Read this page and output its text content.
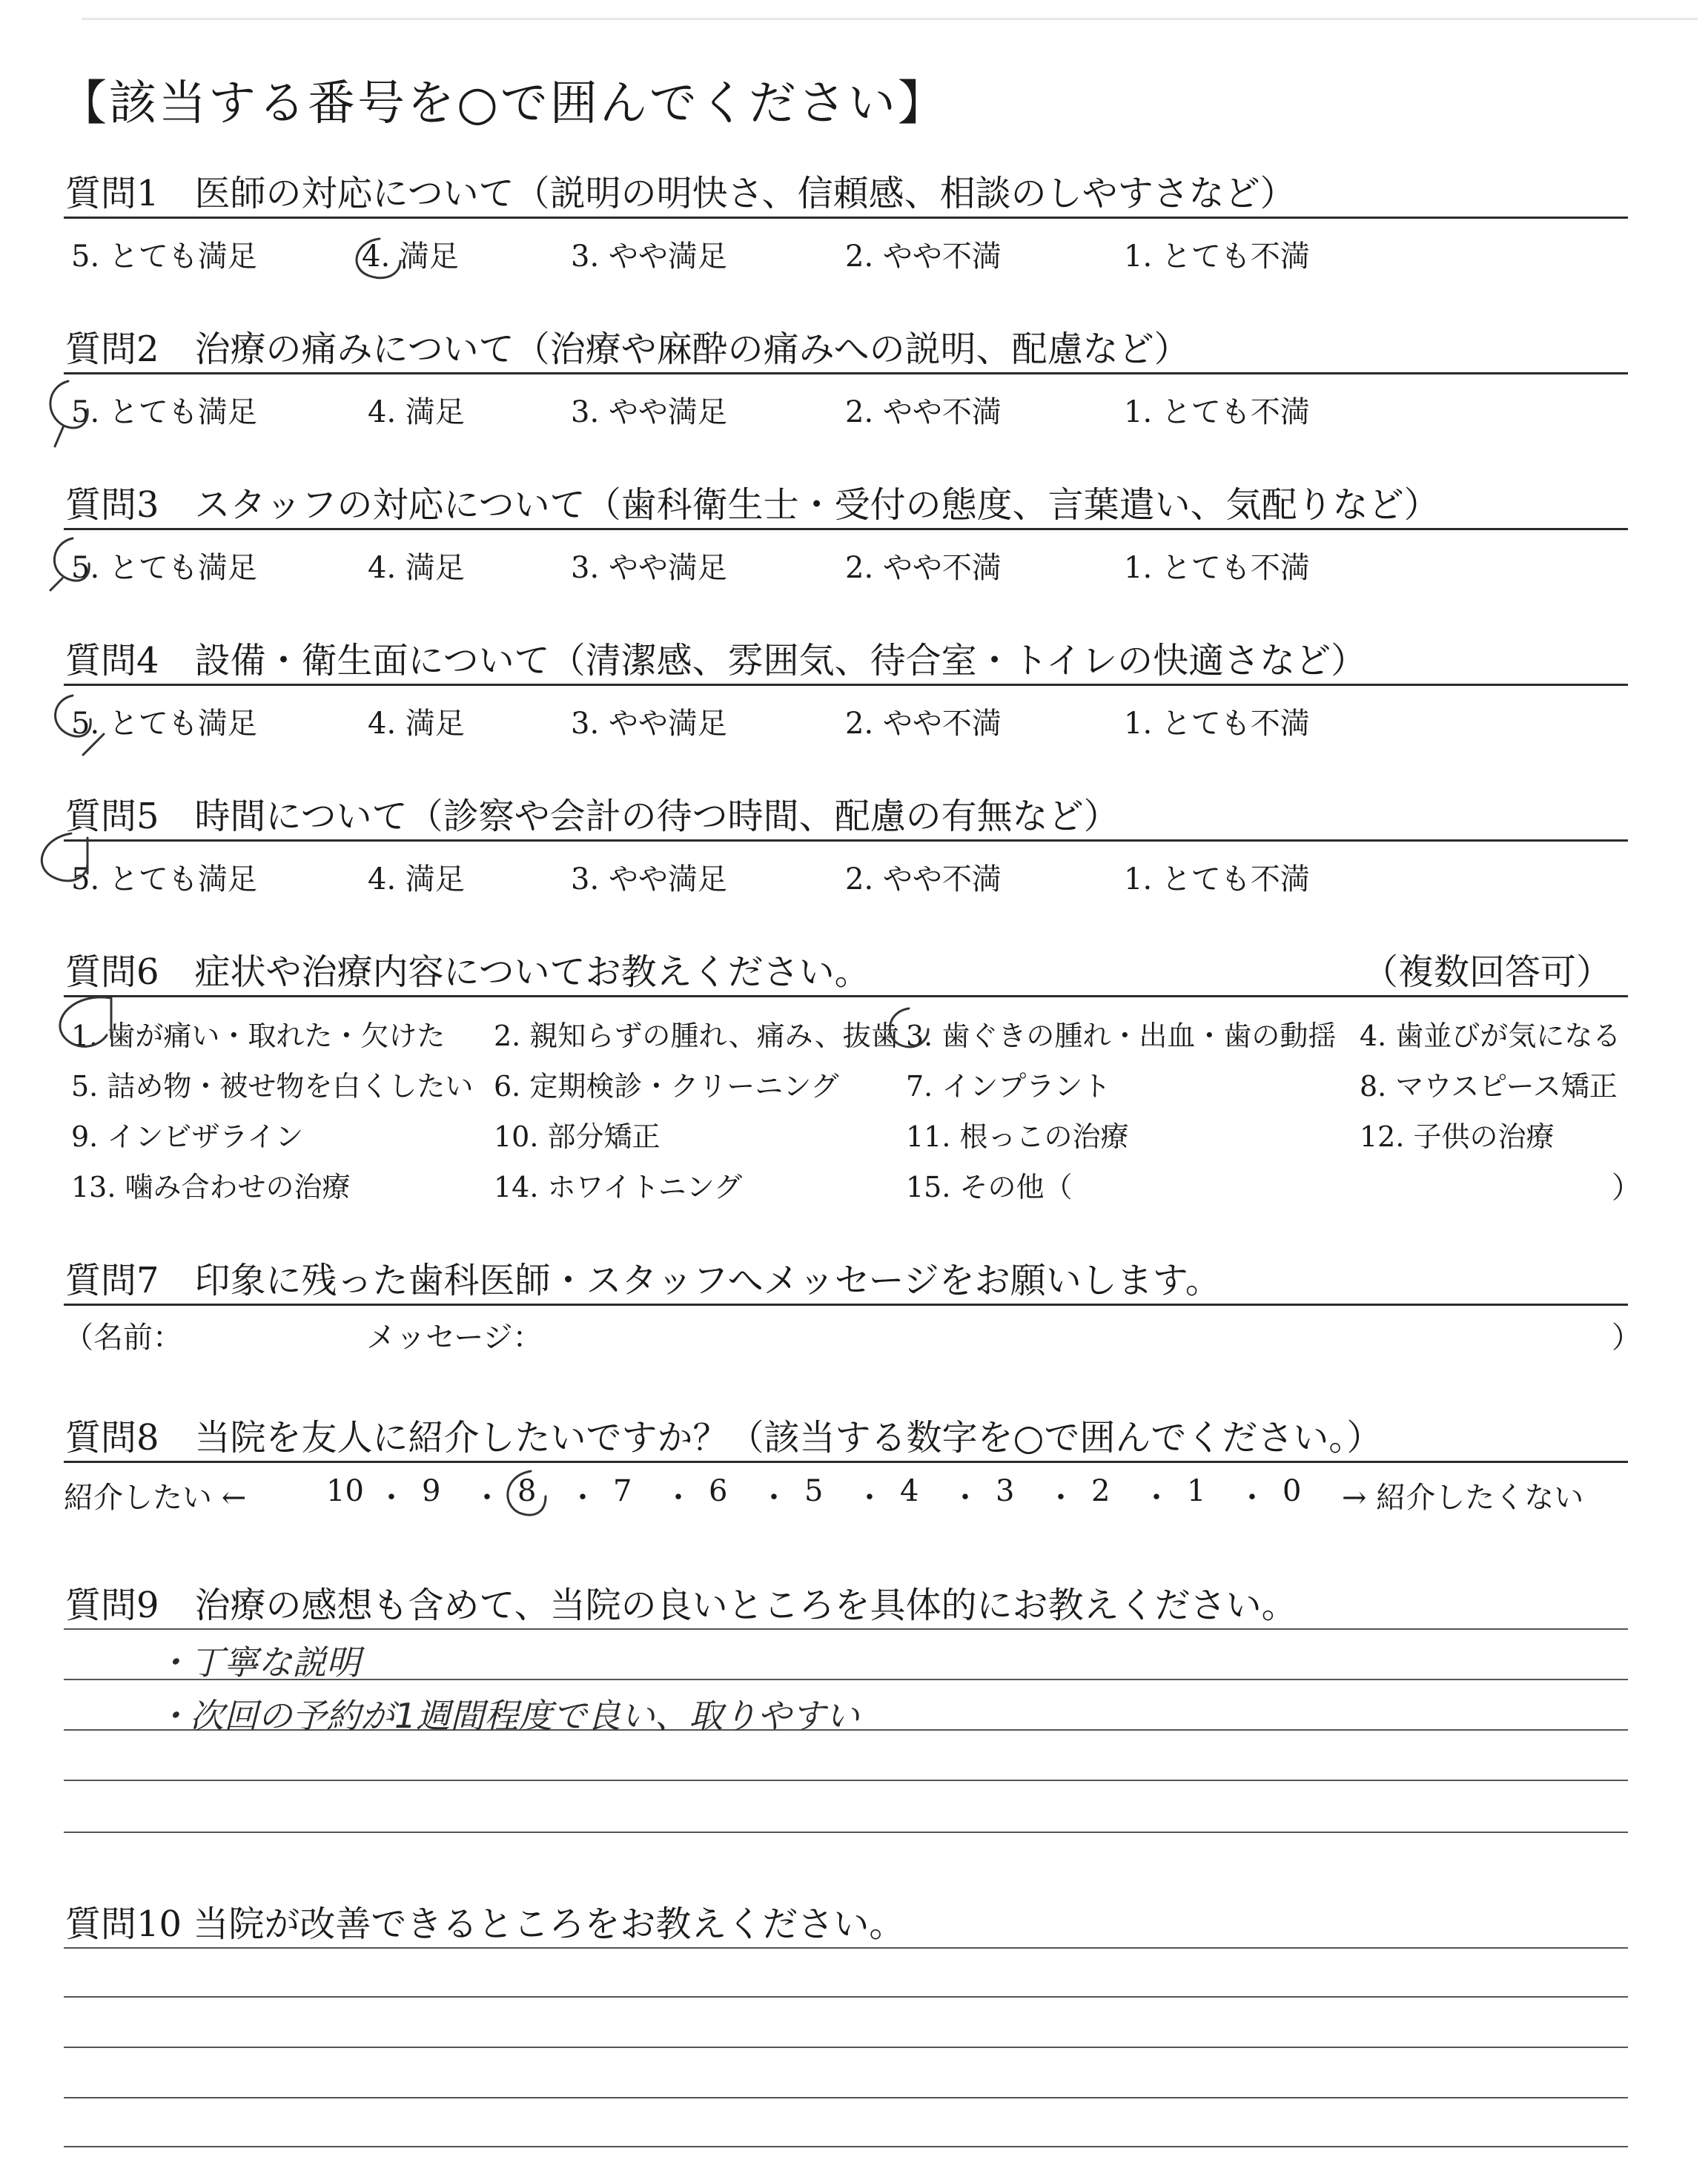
【該当する番号を○で囲んでください】
質問1　医師の対応について（説明の明快さ、信頼感、相談のしやすさなど）
5. とても満足	4. 満足	3. やや満足	2. やや不満	1. とても不満
質問2　治療の痛みについて（治療や麻酔の痛みへの説明、配慮など）
5. とても満足	4. 満足	3. やや満足	2. やや不満	1. とても不満
質問3　スタッフの対応について（歯科衛生士・受付の態度、言葉遣い、気配りなど）
5. とても満足	4. 満足	3. やや満足	2. やや不満	1. とても不満
質問4　設備・衛生面について（清潔感、雰囲気、待合室・トイレの快適さなど）
5. とても満足	4. 満足	3. やや満足	2. やや不満	1. とても不満
質問5　時間について（診察や会計の待つ時間、配慮の有無など）
5. とても満足	4. 満足	3. やや満足	2. やや不満	1. とても不満
質問6　症状や治療内容についてお教えください。	（複数回答可）
1. 歯が痛い・取れた・欠けた 2. 親知らずの腫れ、痛み、抜歯 3. 歯ぐきの腫れ・出血・歯の動揺 4. 歯並びが気になる
5. 詰め物・被せ物を白くしたい 6. 定期検診・クリーニング 7. インプラント	8. マウスピース矯正
9. インビザライン	10. 部分矯正	11. 根っこの治療	12. 子供の治療
13. 噛み合わせの治療	14. ホワイトニング	15. その他（	）
質問7　印象に残った歯科医師・スタッフへメッセージをお願いします。
（名前：	メッセージ：	）
質問8　当院を友人に紹介したいですか？（該当する数字を○で囲んでください。）
紹介したい ←	10 ・ 9 ・ 8 ・ 7 ・ 6 ・ 5 ・ 4 ・ 3 ・ 2 ・ 1 ・ 0 → 紹介したくない
質問9　治療の感想も含めて、当院の良いところを具体的にお教えください。
・丁寧な説明
・次回の予約が1週間程度で良い、取りやすい
質問10 当院が改善できるところをお教えください。
